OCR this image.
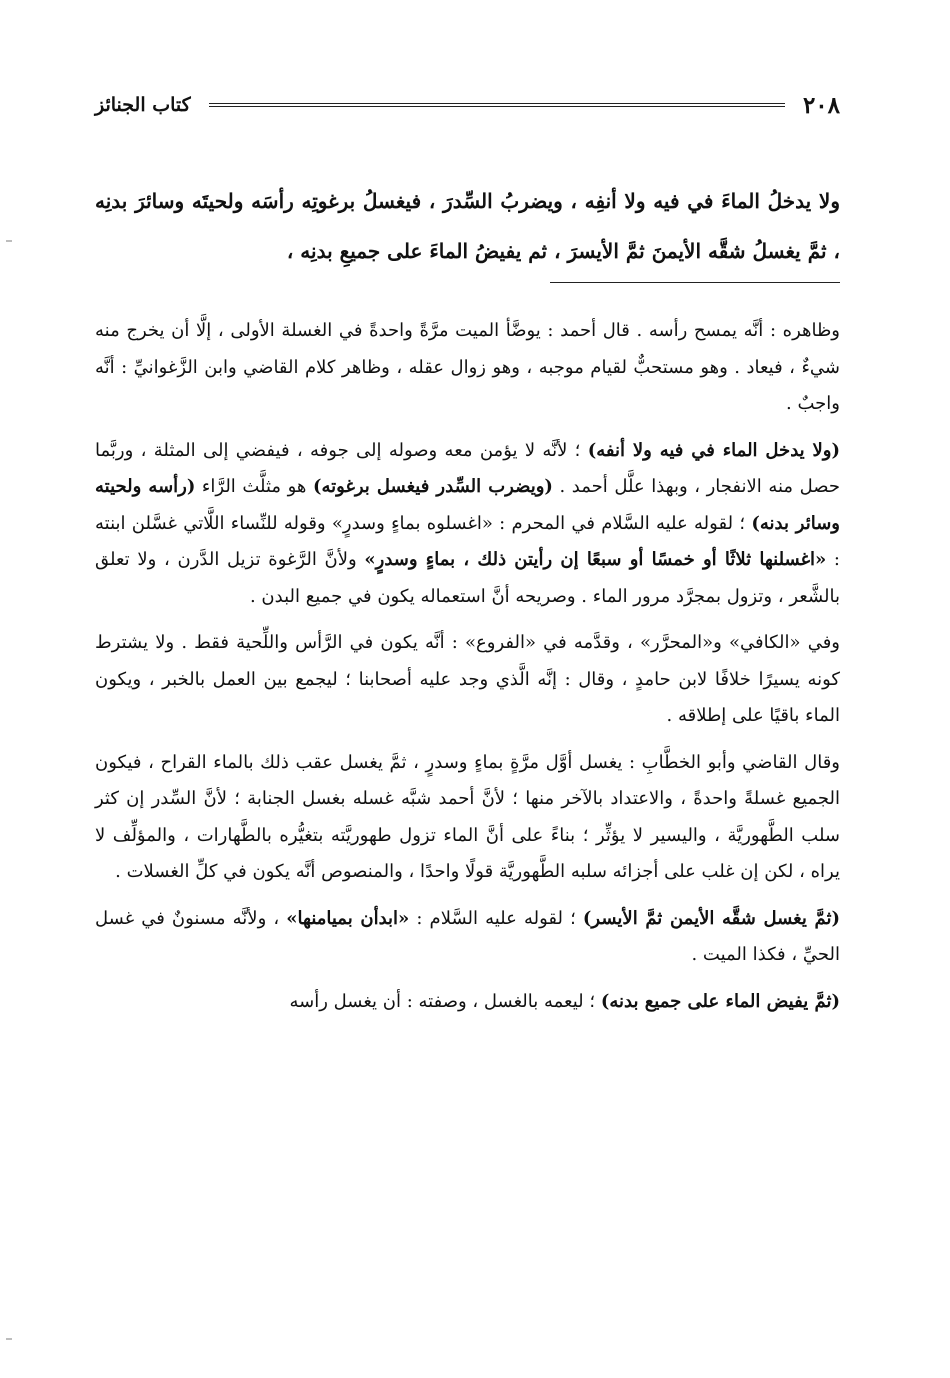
٢٠٨
كتاب الجنائز

ولا يدخلُ الماءَ في فيه ولا أنفِه ، ويضربُ السِّدرَ ، فيغسلُ برغوتِه رأسَه ولحيتَه وسائرَ بدنِه ، ثمَّ يغسلُ شقَّه الأيمنَ ثمَّ الأيسرَ ، ثم يفيضُ الماءَ على جميعِ بدنِه ،

وظاهره : أنَّه يمسح رأسه . قال أحمد : يوضَّأ الميت مرَّةً واحدةً في الغسلة الأولى ، إلَّا أن يخرج منه شيءٌ ، فيعاد . وهو مستحبٌّ لقيام موجبه ، وهو زوال عقله ، وظاهر كلام القاضي وابن الزَّغوانيِّ : أنَّه واجبٌ .

(ولا يدخل الماء في فيه ولا أنفه) ؛ لأنَّه لا يؤمن معه وصوله إلى جوفه ، فيفضي إلى المثلة ، وربَّما حصل منه الانفجار ، وبهذا علَّل أحمد . (ويضرب السِّدر فيغسل برغوته) هو مثلَّث الرَّاء (رأسه ولحيته وسائر بدنه) ؛ لقوله عليه السَّلام في المحرم : «اغسلوه بماءٍ وسدرٍ» وقوله للنِّساء اللَّاتي غسَّلن ابنته : «اغسلنها ثلاثًا أو خمسًا أو سبعًا إن رأيتن ذلك ، بماءٍ وسدرٍ» ولأنَّ الرَّغوة تزيل الدَّرن ، ولا تعلق بالشَّعر ، وتزول بمجرَّد مرور الماء . وصريحه أنَّ استعماله يكون في جميع البدن .

وفي «الكافي» و«المحرَّر» ، وقدَّمه في «الفروع» : أنَّه يكون في الرَّأس واللِّحية فقط . ولا يشترط كونه يسيرًا خلافًا لابن حامدٍ ، وقال : إنَّه الَّذي وجد عليه أصحابنا ؛ ليجمع بين العمل بالخبر ، ويكون الماء باقيًا على إطلاقه .

وقال القاضي وأبو الخطَّابِ : يغسل أوَّل مرَّةٍ بماءٍ وسدرٍ ، ثمَّ يغسل عقب ذلك بالماء القراح ، فيكون الجميع غسلةً واحدةً ، والاعتداد بالآخر منها ؛ لأنَّ أحمد شبَّه غسله بغسل الجنابة ؛ لأنَّ السِّدر إن كثر سلب الطَّهوريَّة ، واليسير لا يؤثِّر ؛ بناءً على أنَّ الماء تزول طهوريَّته بتغيُّره بالطَّهارات ، والمؤلِّف لا يراه ، لكن إن غلب على أجزائه سلبه الطَّهوريَّة قولًا واحدًا ، والمنصوص أنَّه يكون في كلِّ الغسلات .

(ثمَّ يغسل شقَّه الأيمن ثمَّ الأيسر) ؛ لقوله عليه السَّلام : «ابدأن بميامنها» ، ولأنَّه مسنونٌ في غسل الحيِّ ، فكذا الميت .

(ثمَّ يفيض الماء على جميع بدنه) ؛ ليعمه بالغسل ، وصفته : أن يغسل رأسه
